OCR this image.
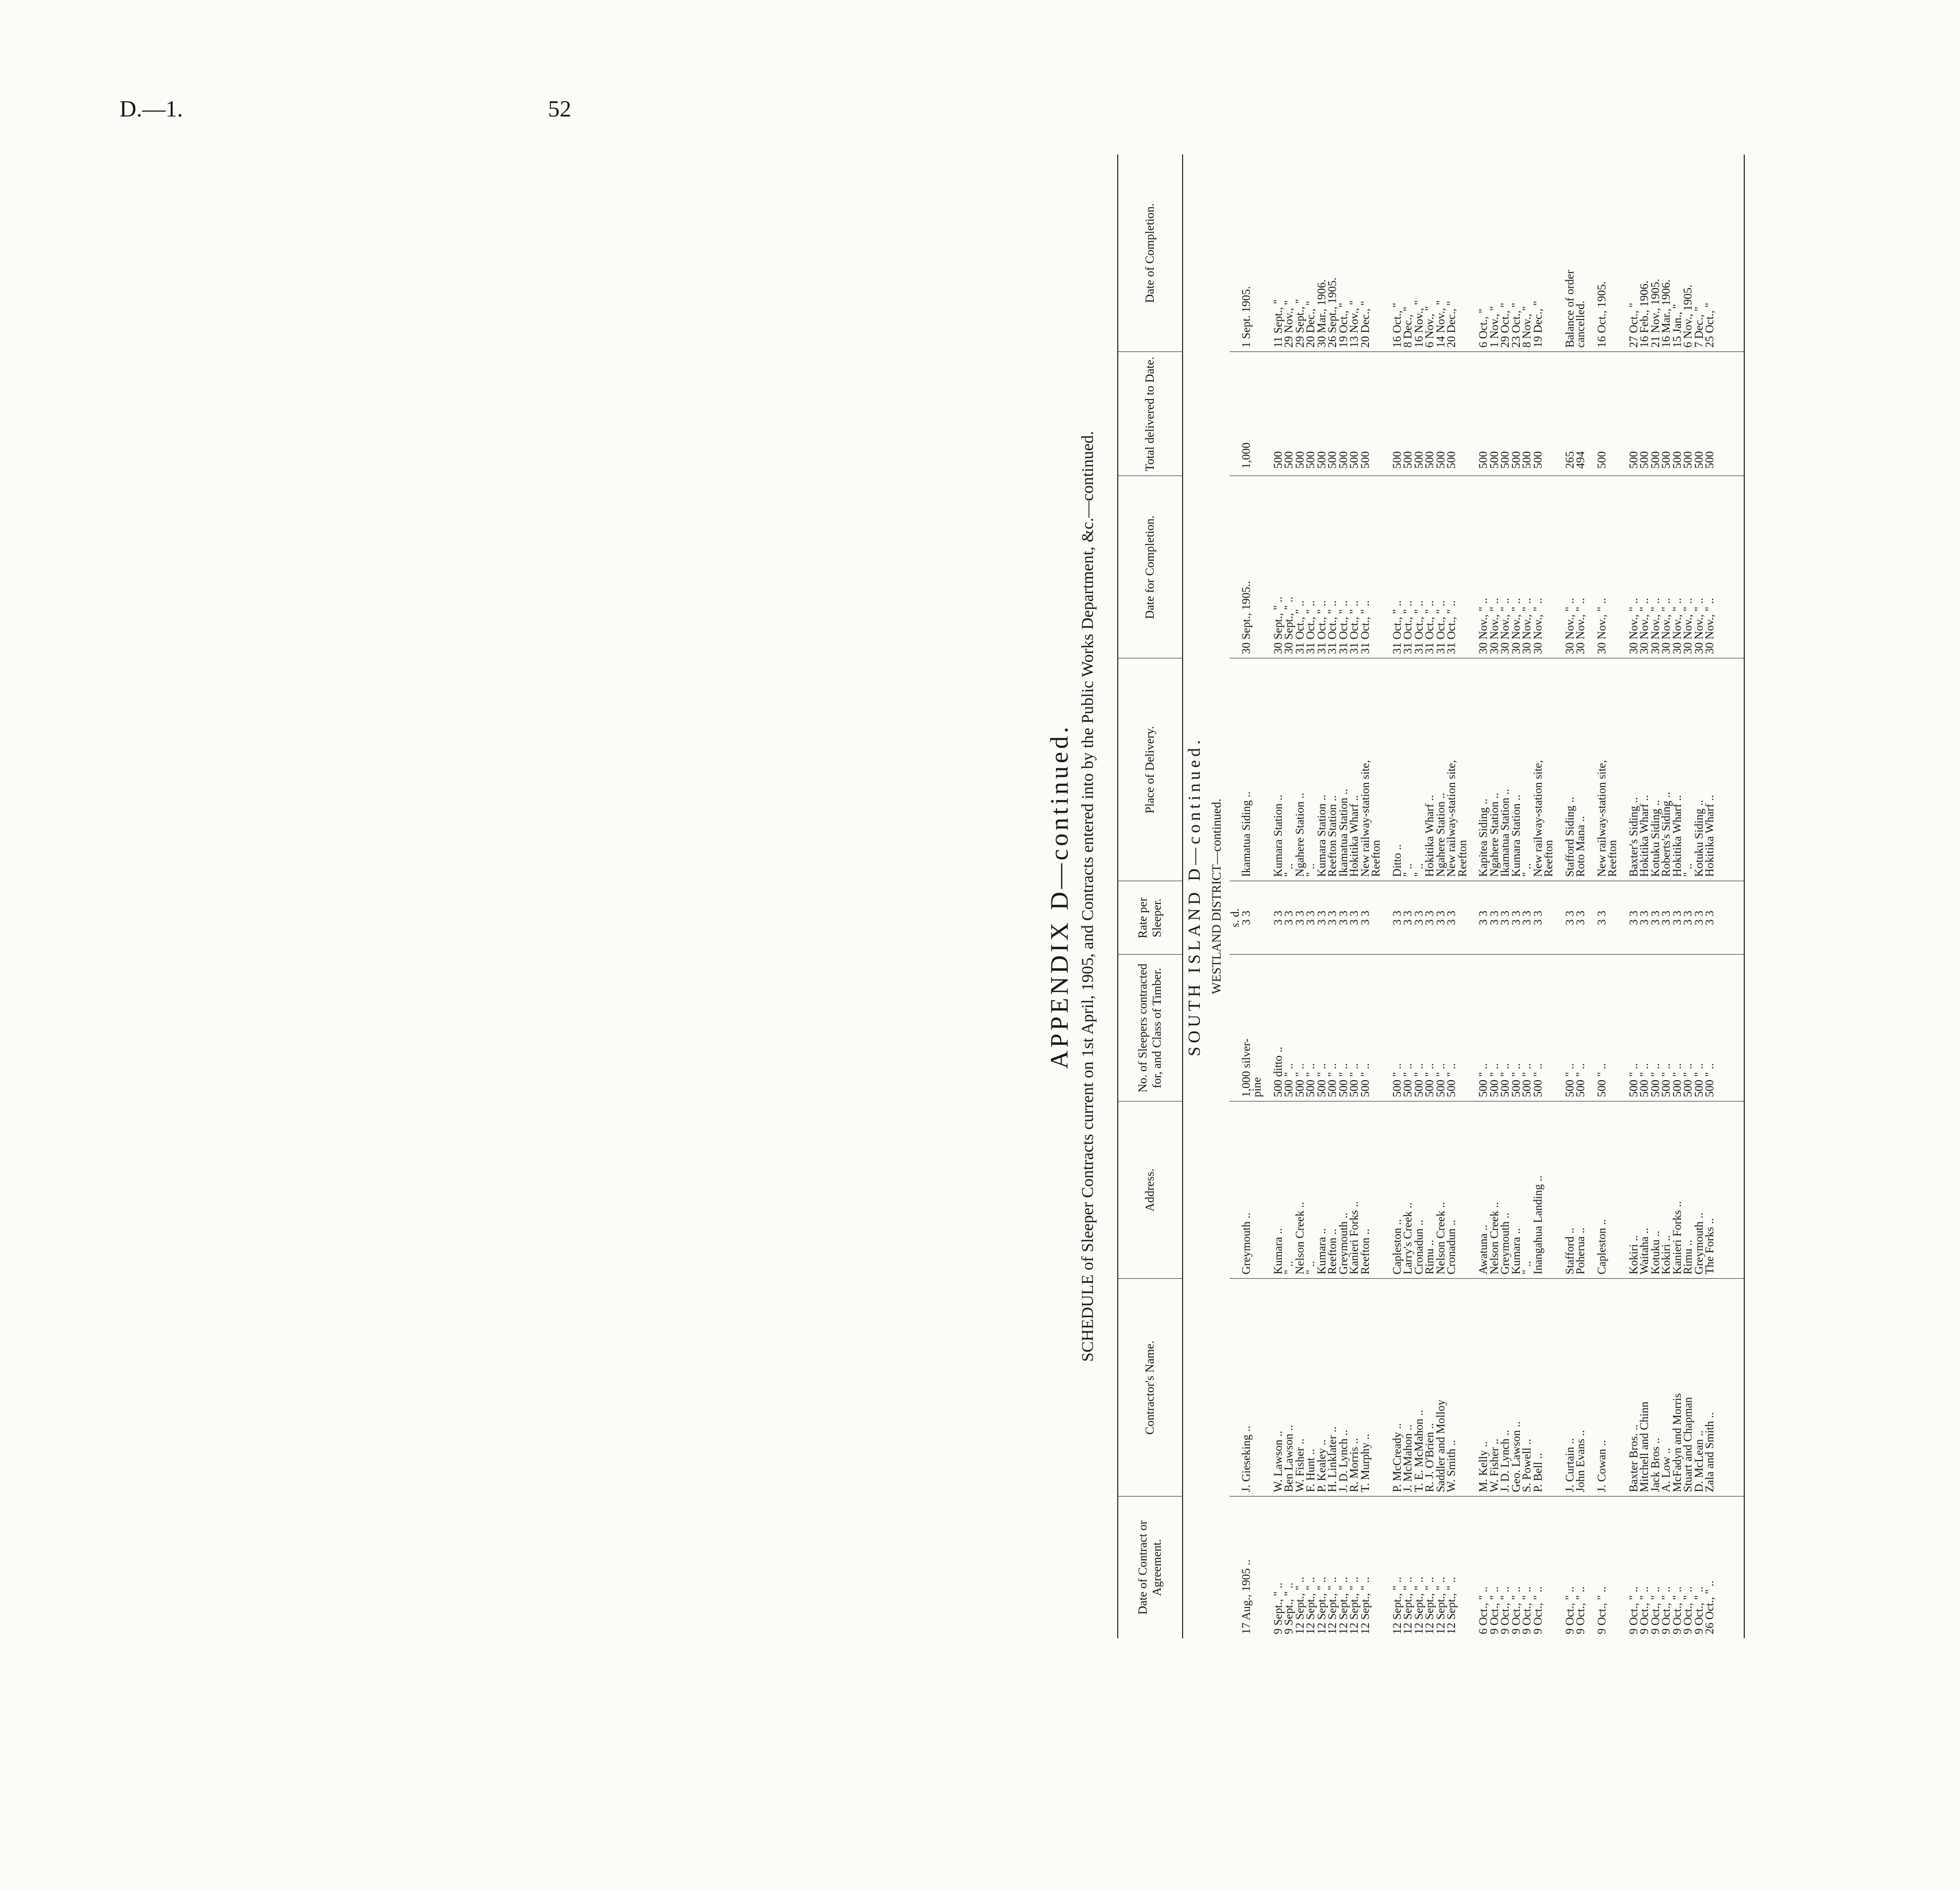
D.—1.	52
APPENDIX D—continued. SCHEDULE of Sleeper Contracts current on 1st April, 1905, and Contracts entered into by the Public Works Department, &c.—continued.
Date of Contract or Agreement.	Contractor's Name.	Address.	No. of Sleepers contracted for, and Class of Timber.	Rate per Sleeper.	Place of Delivery.	Date for Completion.	Total delivered to Date.	Date of Completion.
SOUTH ISLAND D—continued.								
WESTLAND DISTRICT—continued.								
				s. d.				
17 Aug., 1905 ..	J. Gieseking ..	Greymouth ..	1,000 silver-	3 3	Ikamatua Siding ..	30 Sept., 1905..	1,000	1 Sept. 1905.
			pine					

9 Sept., " ..	W. Lawson ..	Kumara ..	500 ditto ..	3 3	Kumara Station ..	30 Sept., " ..	500	11 Sept., "
9 Sept., " ..	Ben Lawson ..	" ..	500 " ..	3 3	" ..	30 Sept., " ..	500	29 Nov., "
12 Sept., " ..	W. Fisher ..	Nelson Creek ..	500 " ..	3 3	Ngahere Station ..	31 Oct., " ..	500	29 Sept., "
12 Sept., " ..	F. Hunt ..	" ..	500 " ..	3 3	" ..	31 Oct., " ..	500	20 Dec., "
12 Sept., " ..	P. Kealey ..	Kumara ..	500 " ..	3 3	Kumara Station ..	31 Oct., " ..	500	30 Mar., 1906.
12 Sept., " ..	H. Linklater ..	Reefton ..	500 " ..	3 3	Reefton Station ..	31 Oct., " ..	500	26 Sept., 1905.
12 Sept., " ..	J. D. Lynch ..	Greymouth ..	500 " ..	3 3	Ikamatua Station ..	31 Oct., " ..	500	19 Oct., "
12 Sept., " ..	R. Morris ..	Kanieri Forks ..	500 " ..	3 3	Hokitika Wharf ..	31 Oct., " ..	500	13 Nov., "
12 Sept., " ..	T. Murphy ..	Reefton ..	500 " ..	3 3	New railway-station site,	31 Oct., " ..	500	20 Dec., "
					Reefton			

12 Sept., " ..	P. McCready ..	Capleston ..	500 " ..	3 3	Ditto ..	31 Oct., " ..	500	16 Oct., "
12 Sept., " ..	J. McMahon ..	Larry's Creek ..	500 " ..	3 3	" ..	31 Oct., " ..	500	8 Dec., "
12 Sept., " ..	T. E. McMahon ..	Cronadun ..	500 " ..	3 3	" ..	31 Oct., " ..	500	16 Nov., "
12 Sept., " ..	R. J. O'Brien ..	Rimu ..	500 " ..	3 3	Hokitika Wharf ..	31 Oct., " ..	500	6 Nov., "
12 Sept., " ..	Saddler and Molloy	Nelson Creek ..	500 " ..	3 3	Ngahere Station ..	31 Oct., " ..	500	14 Nov., "
12 Sept., " ..	W. Smith ..	Cronadun ..	500 " ..	3 3	New railway-station site,	31 Oct., " ..	500	20 Dec., "
					Reefton			

6 Oct., " ..	M. Kelly ..	Awatuna ..	500 " ..	3 3	Kapitea Siding ..	30 Nov., " ..	500	6 Oct., "
9 Oct., " ..	W. Fisher ..	Nelson Creek ..	500 " ..	3 3	Ngahere Station ..	30 Nov., " ..	500	1 Nov., "
9 Oct., " ..	J. D. Lynch ..	Greymouth ..	500 " ..	3 3	Ikamatua Station ..	30 Nov., " ..	500	29 Oct., "
9 Oct., " ..	Geo. Lawson ..	Kumara ..	500 " ..	3 3	Kumara Station ..	30 Nov., " ..	500	23 Oct., "
9 Oct., " ..	S. Powell ..	" ..	500 " ..	3 3	" ..	30 Nov., " ..	500	8 Nov., "
9 Oct., " ..	P. Bell ..	Inangahua Landing ..	500 " ..	3 3	New railway-station site,	30 Nov., " ..	500	19 Dec., "
					Reefton			

9 Oct., " ..	J. Curtain ..	Stafford ..	500 " ..	3 3	Stafford Siding ..	30 Nov., " ..	265	Balance of order
9 Oct., " ..	John Evans ..	Poherua ..	500 " ..	3 3	Roto Mana ..	30 Nov., " ..	494	cancelled.

9 Oct., " ..	J. Cowan ..	Capleston ..	500 " ..	3 3	New railway-station site,	30 Nov., " ..	500	16 Oct., 1905.
					Reefton			

9 Oct., " ..	Baxter Bros. ..	Kokiri ..	500 " ..	3 3	Baxter's Siding ..	30 Nov., " ..	500	27 Oct., "
9 Oct., " ..	Mitchell and Chinn	Waitaha ..	500 " ..	3 3	Hokitika Wharf ..	30 Nov., " ..	500	16 Feb., 1906.
9 Oct., " ..	Jack Bros ..	Kotuku ..	500 " ..	3 3	Kotuku Siding ..	30 Nov., " ..	500	21 Nov., 1905.
9 Oct., " ..	A. Low ..	Kokiri ..	500 " ..	3 3	Roberts's Siding ..	30 Nov., " ..	500	16 Mar., 1906.
9 Oct., " ..	McFadyn and Morris	Kanieri Forks ..	500 " ..	3 3	Hokitika Wharf ..	30 Nov., " ..	500	15 Jan., "
9 Oct., " ..	Stuart and Chapman	Rimu ..	500 " ..	3 3	" ..	30 Nov., " ..	500	6 Nov., 1905.
9 Oct., " ..	D. McLean ..	Greymouth ..	500 " ..	3 3	Kotuku Siding ..	30 Nov., " ..	500	7 Dec., "
26 Oct., " ..	Zala and Smith ..	The Forks ..	500 " ..	3 3	Hokitika Wharf ..	30 Nov., " ..	500	25 Oct., "
